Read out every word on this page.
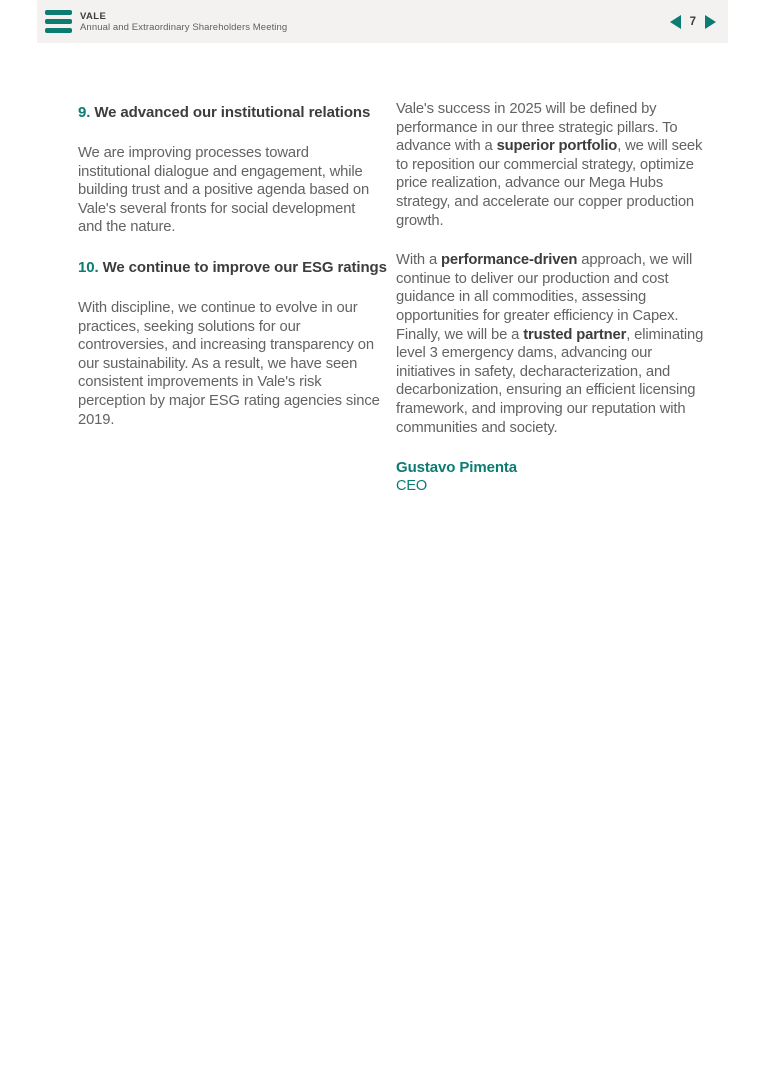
VALE
Annual and Extraordinary Shareholders Meeting	7
9. We advanced our institutional relations

We are improving processes toward institutional dialogue and engagement, while building trust and a positive agenda based on Vale's several fronts for social development and the nature.

10. We continue to improve our ESG ratings

With discipline, we continue to evolve in our practices, seeking solutions for our controversies, and increasing transparency on our sustainability. As a result, we have seen consistent improvements in Vale's risk perception by major ESG rating agencies since 2019.

Vale's success in 2025 will be defined by performance in our three strategic pillars. To advance with a superior portfolio, we will seek to reposition our commercial strategy, optimize price realization, advance our Mega Hubs strategy, and accelerate our copper production growth.

With a performance-driven approach, we will continue to deliver our production and cost guidance in all commodities, assessing opportunities for greater efficiency in Capex. Finally, we will be a trusted partner, eliminating level 3 emergency dams, advancing our initiatives in safety, decharacterization, and decarbonization, ensuring an efficient licensing framework, and improving our reputation with communities and society.

Gustavo Pimenta
CEO
